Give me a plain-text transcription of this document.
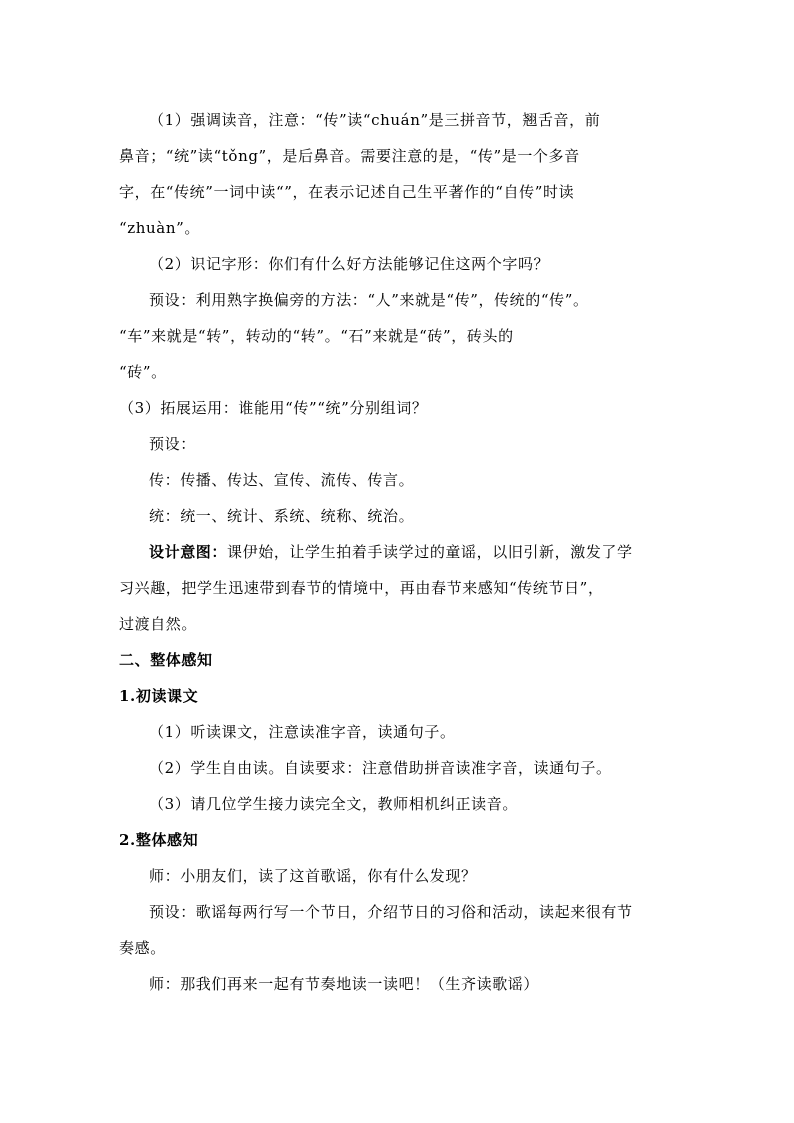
（1）强调读音，注意：“传”读“chuán”是三拼音节，翘舌音，前
鼻音；“统”读“tǒng”，是后鼻音。需要注意的是，“传”是一个多音
字，在“传统”一词中读“”，在表示记述自己生平著作的“自传”时读
“zhuàn”。
（2）识记字形：你们有什么好方法能够记住这两个字吗？
预设：利用熟字换偏旁的方法：“人”来就是“传”，传统的“传”。
“车”来就是“转”，转动的“转”。“石”来就是“砖”，砖头的
“砖”。
（3）拓展运用：谁能用“传”“统”分别组词？
预设：
传：传播、传达、宣传、流传、传言。
统：统一、统计、系统、统称、统治。
设计意图：课伊始，让学生拍着手读学过的童谣，以旧引新，激发了学
习兴趣，把学生迅速带到春节的情境中，再由春节来感知“传统节日”，
过渡自然。
二、整体感知
1.初读课文
（1）听读课文，注意读准字音，读通句子。
（2）学生自由读。自读要求：注意借助拼音读准字音，读通句子。
（3）请几位学生接力读完全文，教师相机纠正读音。
2.整体感知
师：小朋友们，读了这首歌谣，你有什么发现？
预设：歌谣每两行写一个节日，介绍节日的习俗和活动，读起来很有节
奏感。
师：那我们再来一起有节奏地读一读吧！（生齐读歌谣）
